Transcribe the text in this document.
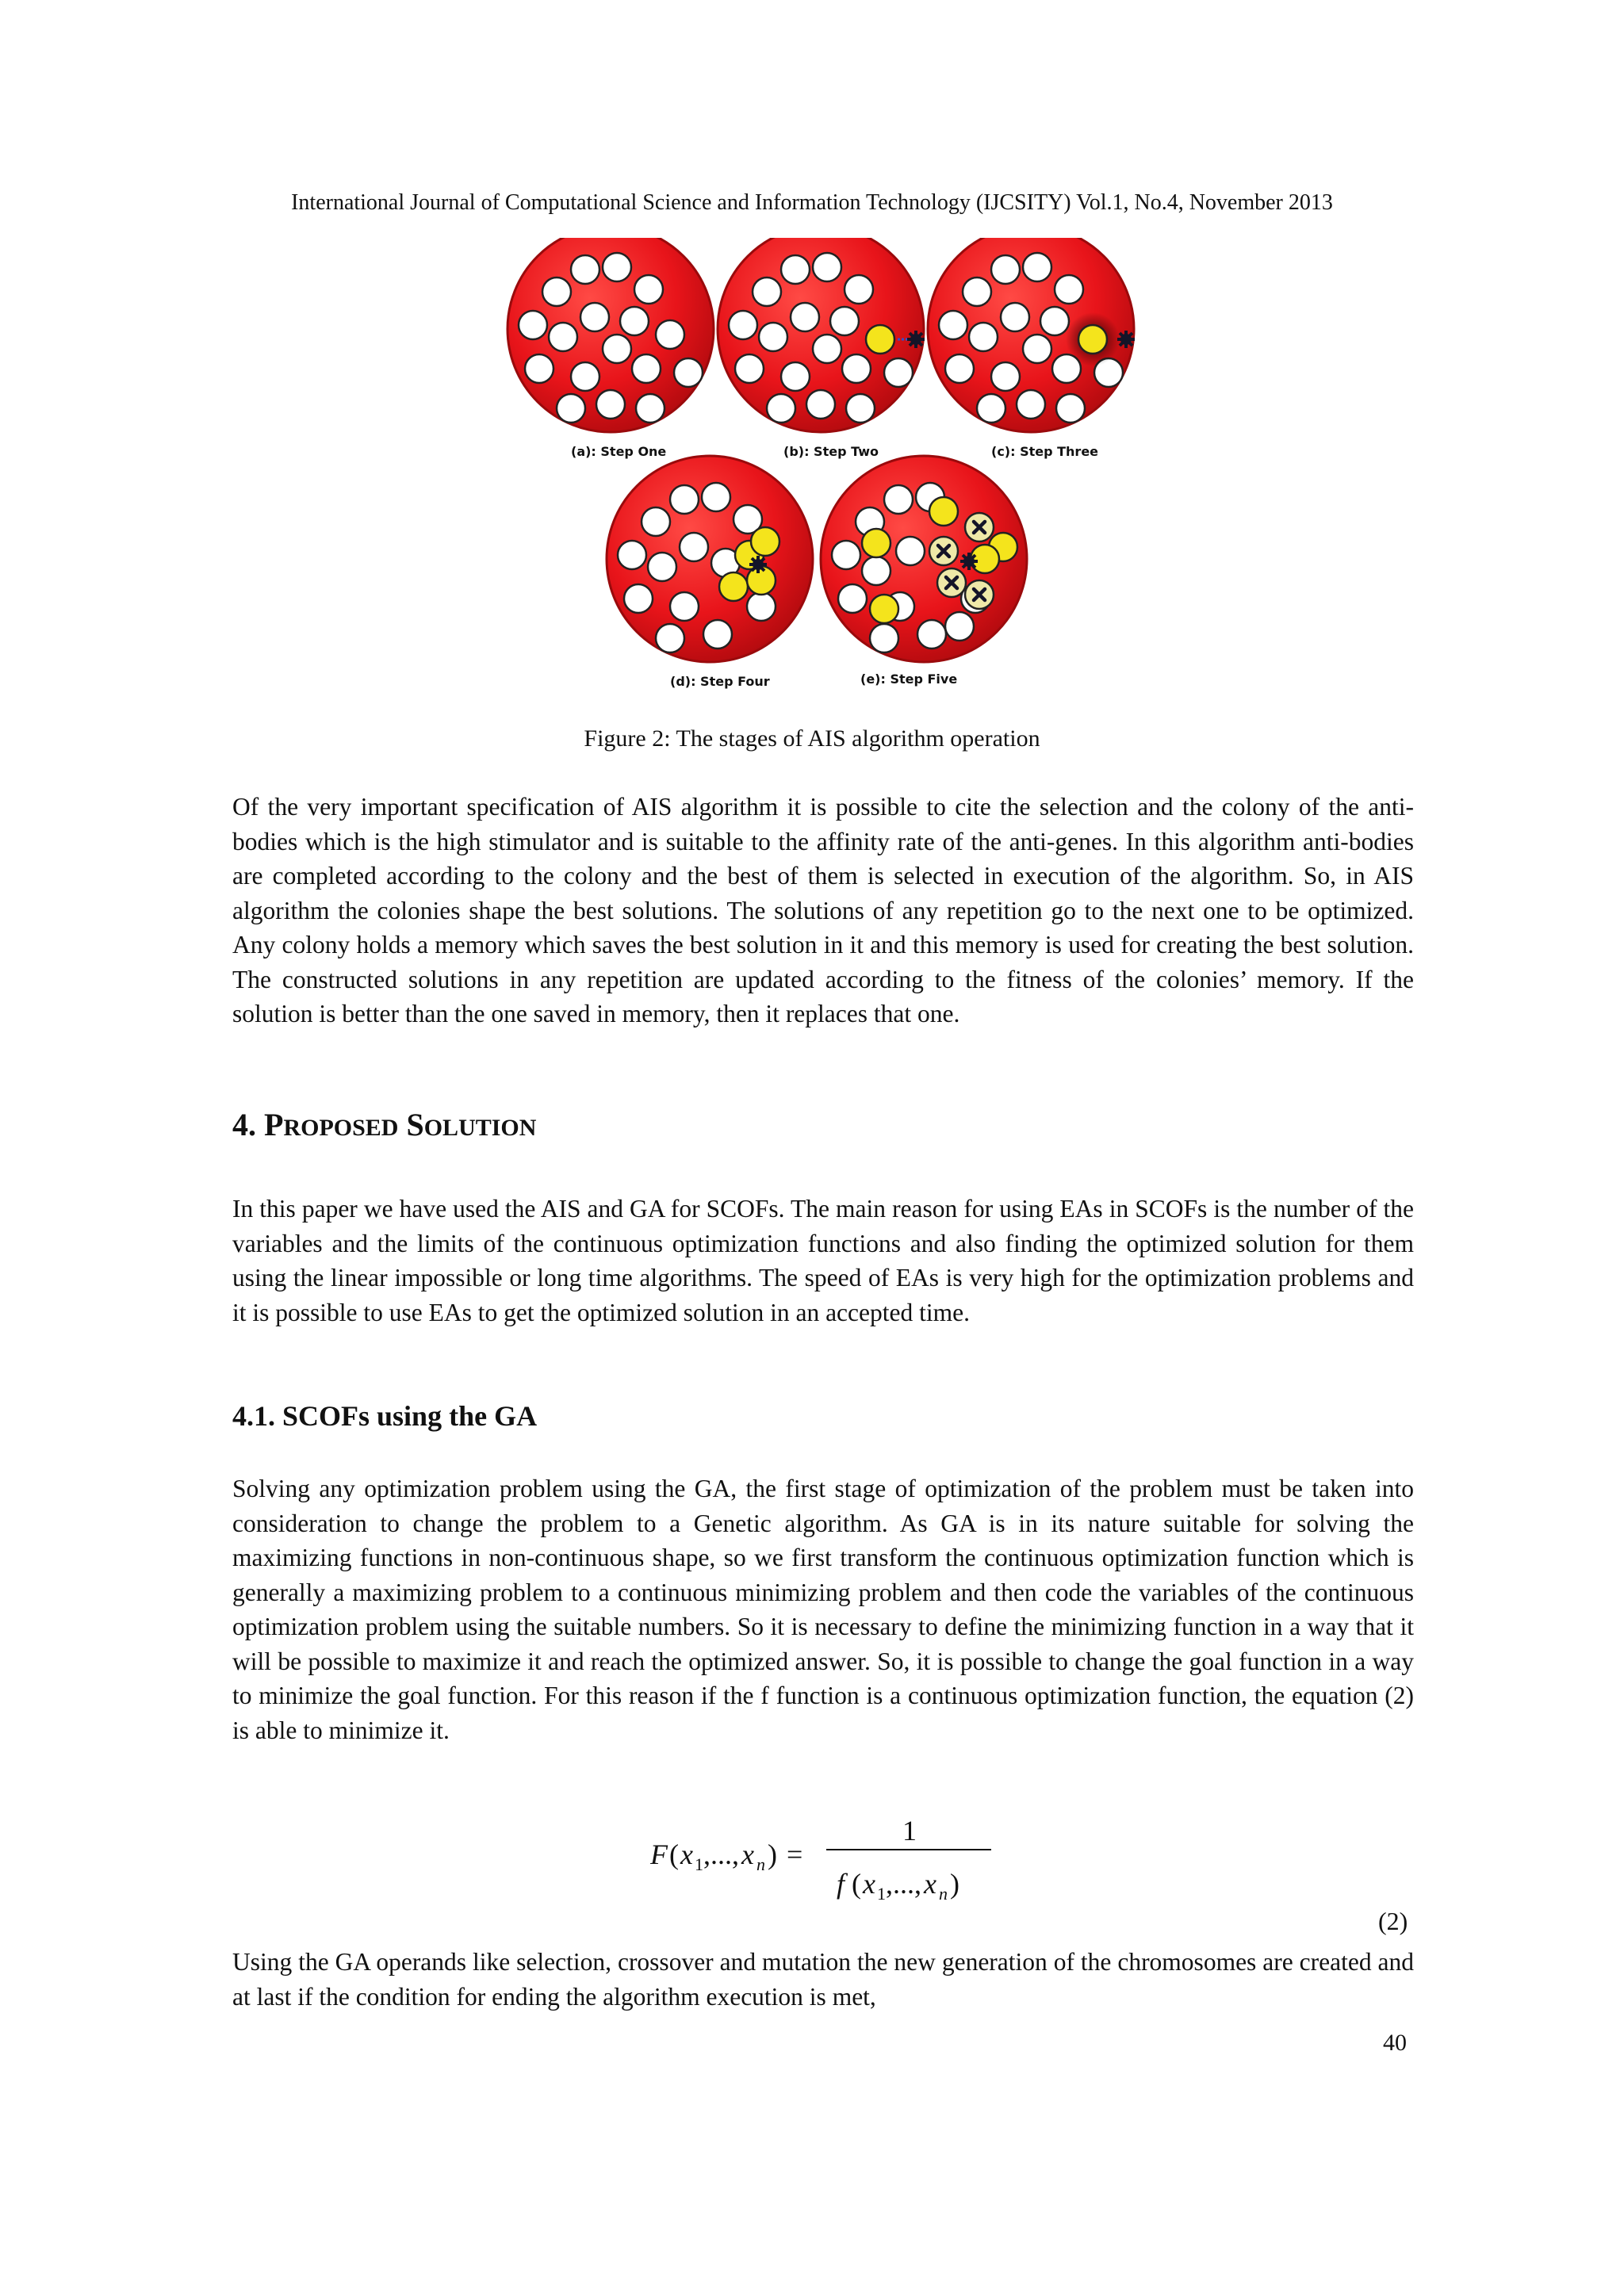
International Journal of Computational Science and Information Technology (IJCSITY) Vol.1, No.4, November 2013
(a): Step One	(b): Step Two	(c): Step Three
(d): Step Four	(e): Step Five
Figure 2: The stages of AIS algorithm operation

Of the very important specification of AIS algorithm it is possible to cite the selection and the colony of the anti-bodies which is the high stimulator and is suitable to the affinity rate of the anti-genes. In this algorithm anti-bodies are completed according to the colony and the best of them is selected in execution of the algorithm. So, in AIS algorithm the colonies shape the best solutions. The solutions of any repetition go to the next one to be optimized. Any colony holds a memory which saves the best solution in it and this memory is used for creating the best solution. The constructed solutions in any repetition are updated according to the fitness of the colonies’ memory. If the solution is better than the one saved in memory, then it replaces that one.

4. PROPOSED SOLUTION

In this paper we have used the AIS and GA for SCOFs. The main reason for using EAs in SCOFs is the number of the variables and the limits of the continuous optimization functions and also finding the optimized solution for them using the linear impossible or long time algorithms. The speed of EAs is very high for the optimization problems and it is possible to use EAs to get the optimized solution in an accepted time.

4.1. SCOFs using the GA

Solving any optimization problem using the GA, the first stage of optimization of the problem must be taken into consideration to change the problem to a Genetic algorithm. As GA is in its nature suitable for solving the maximizing functions in non-continuous shape, so we first transform the continuous optimization function which is generally a maximizing problem to a continuous minimizing problem and then code the variables of the continuous optimization problem using the suitable numbers. So it is necessary to define the minimizing function in a way that it will be possible to maximize it and reach the optimized answer. So, it is possible to change the goal function in a way to minimize the goal function. For this reason if the f function is a continuous optimization function, the equation (2) is able to minimize it.

F ( x 1 ,..., x n ) =
1
f ( x 1 ,..., x n )
(2)

Using the GA operands like selection, crossover and mutation the new generation of the chromosomes are created and at last if the condition for ending the algorithm execution is met,

40
